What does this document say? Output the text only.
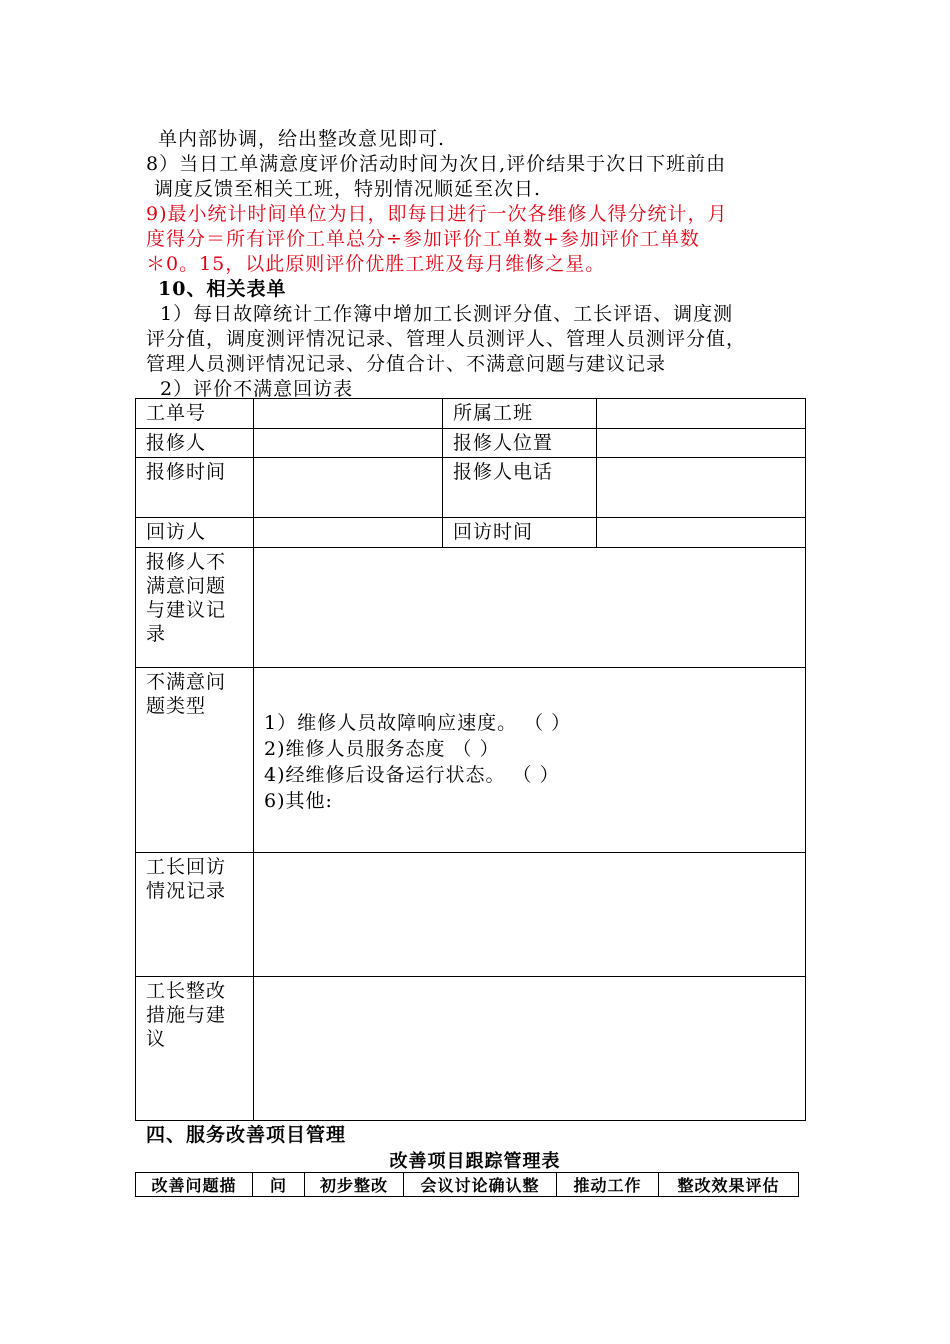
单内部协调，给出整改意见即可.
8）当日工单满意度评价活动时间为次日,评价结果于次日下班前由
调度反馈至相关工班，特别情况顺延至次日.
9)最小统计时间单位为日，即每日进行一次各维修人得分统计，月
度得分＝所有评价工单总分÷参加评价工单数+参加评价工单数
＊0。15，以此原则评价优胜工班及每月维修之星。
10、相关表单
1）每日故障统计工作簿中增加工长测评分值、工长评语、调度测
评分值，调度测评情况记录、管理人员测评人、管理人员测评分值，
管理人员测评情况记录、分值合计、不满意问题与建议记录
2）评价不满意回访表
工单号		所属工班	
报修人		报修人位置	
报修时间		报修人电话	
回访人		回访时间	
报修人不满意问题与建议记录			
不满意问题类型	1）维修人员故障响应速度。 （ ）
2)维修人员服务态度 （ ）
4)经维修后设备运行状态。 （ ）
6)其他:		

工长回访情况记录			
工长整改措施与建议			
四、服务改善项目管理
改善项目跟踪管理表
改善问题描	问	初步整改	会议讨论确认整	推动工作	整改效果评估
